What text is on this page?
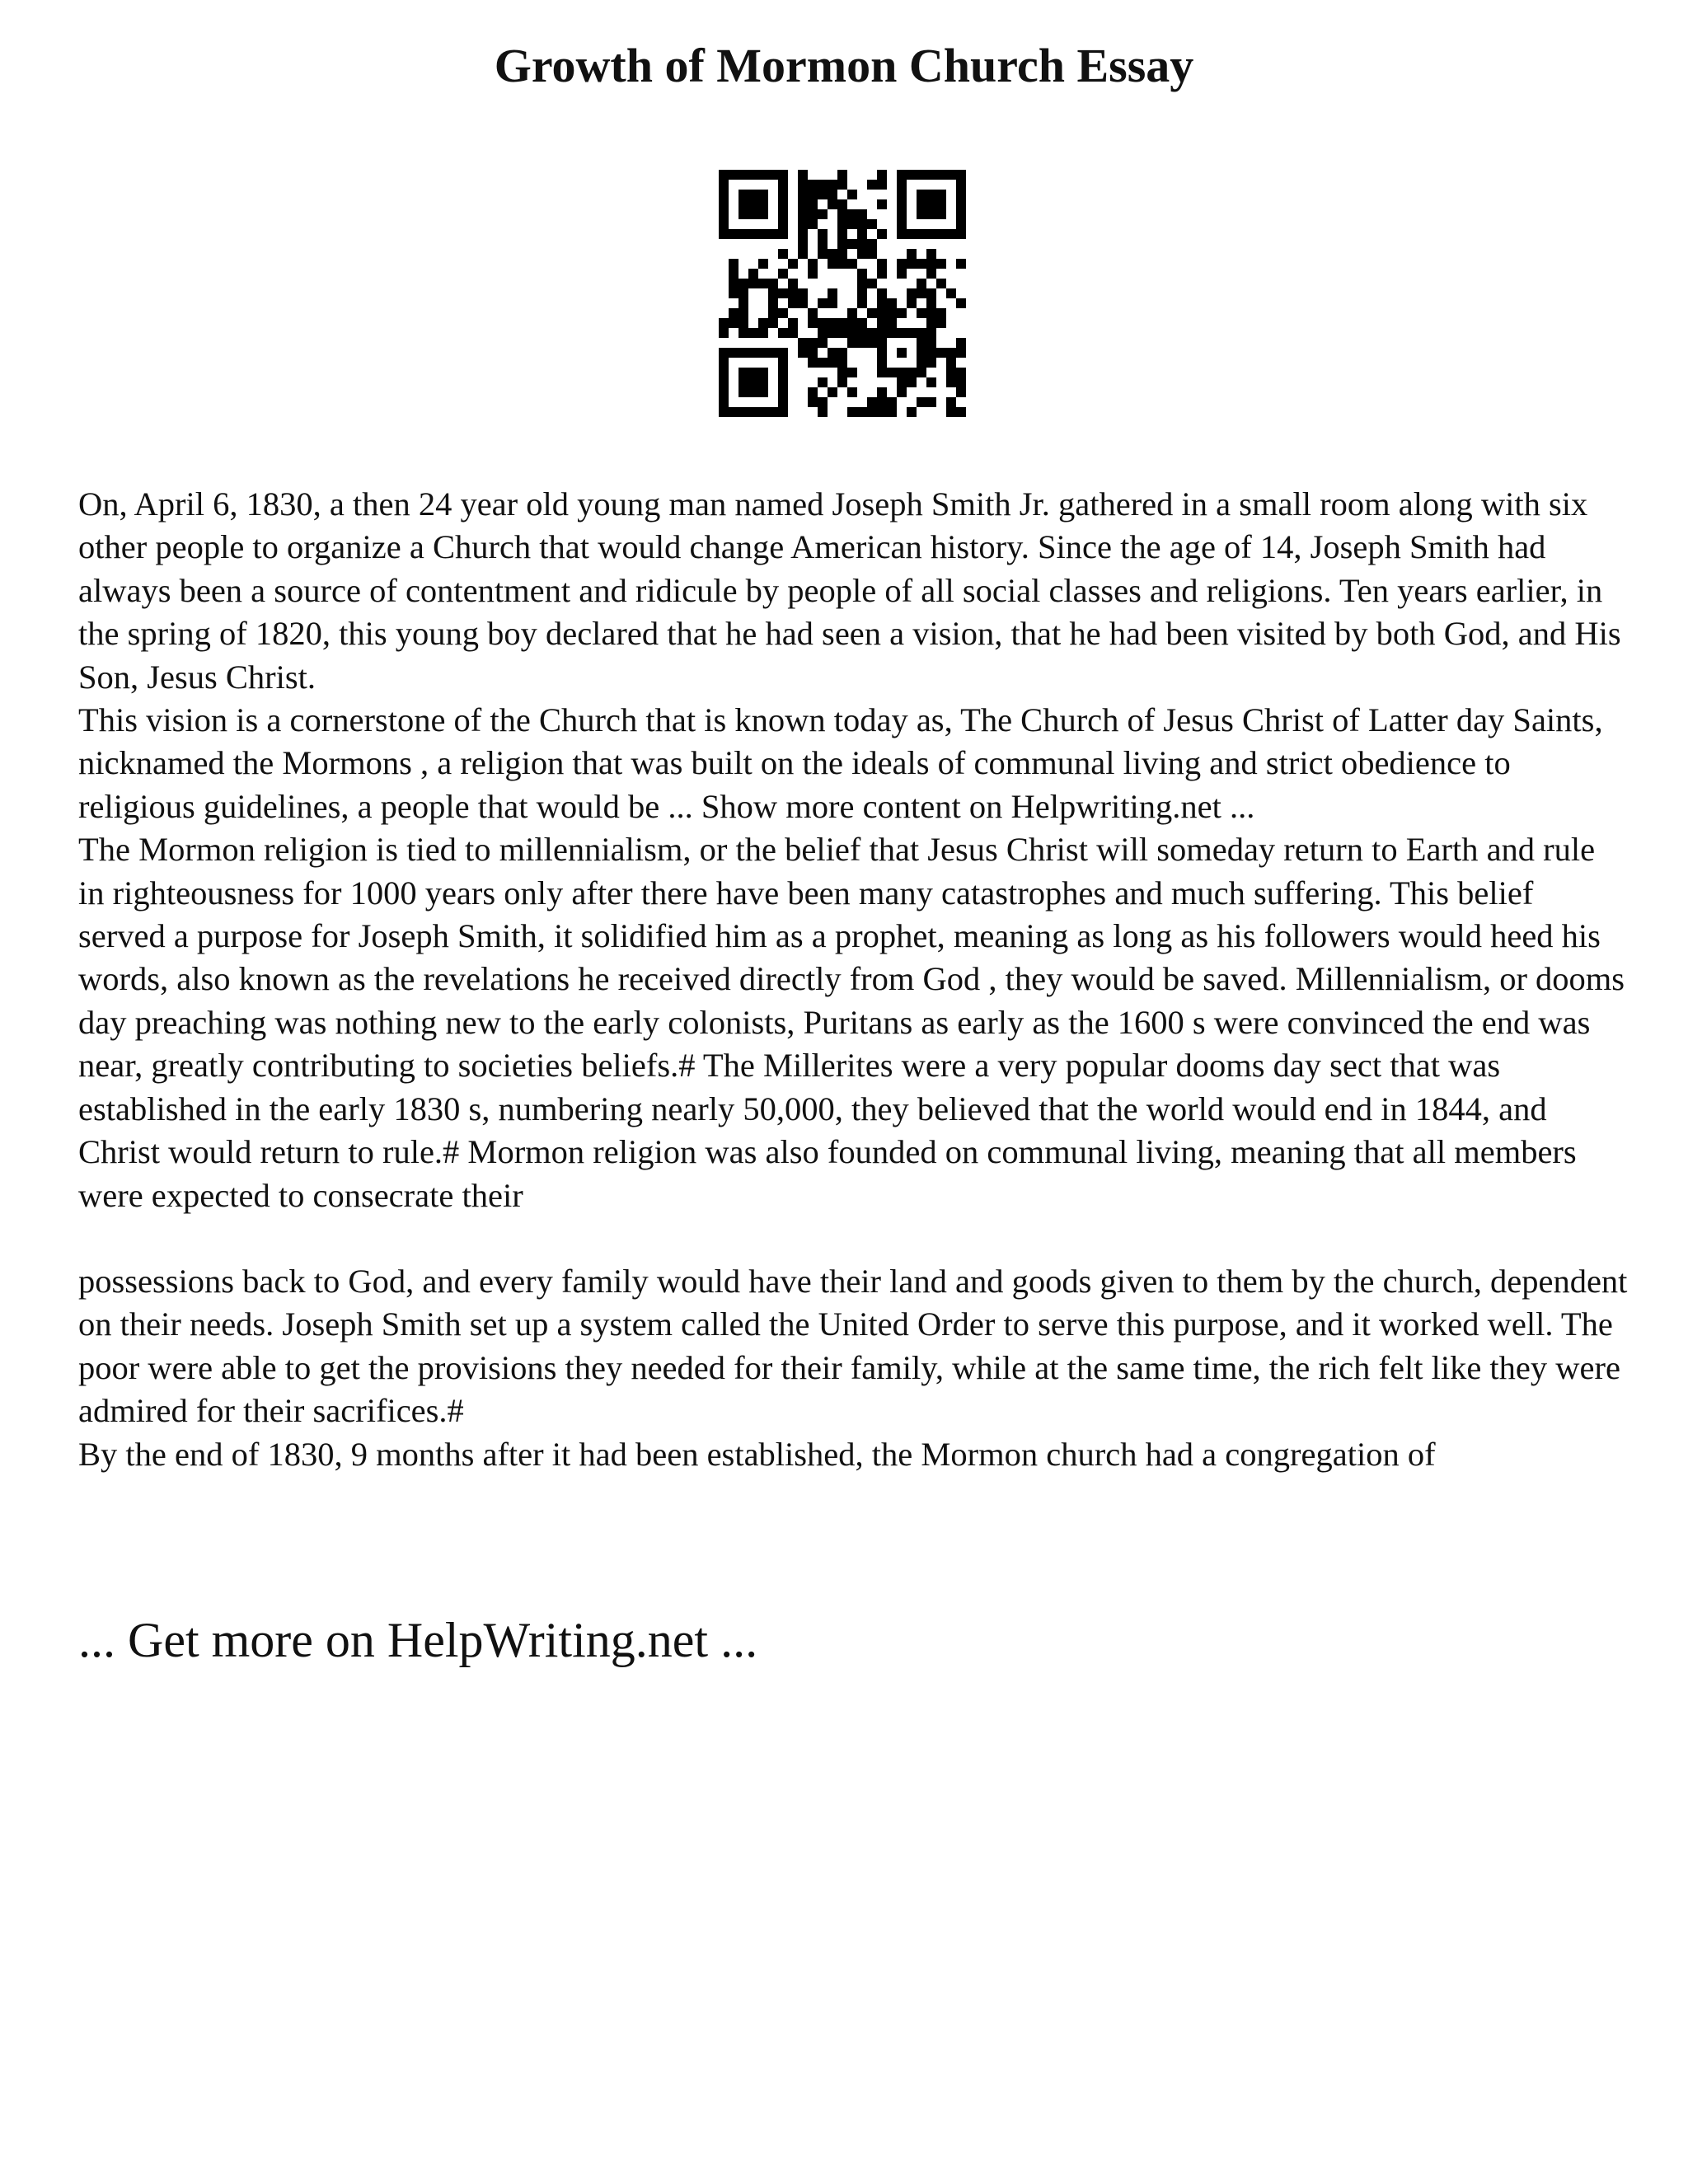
Growth of Mormon Church Essay

On, April 6, 1830, a then 24 year old young man named Joseph Smith Jr. gathered in a small room along with six other people to organize a Church that would change American history. Since the age of 14, Joseph Smith had always been a source of contentment and ridicule by people of all social classes and religions. Ten years earlier, in the spring of 1820, this young boy declared that he had seen a vision, that he had been visited by both God, and His Son, Jesus Christ.

This vision is a cornerstone of the Church that is known today as, The Church of Jesus Christ of Latter day Saints, nicknamed the Mormons , a religion that was built on the ideals of communal living and strict obedience to religious guidelines, a people that would be ... Show more content on Helpwriting.net ...

The Mormon religion is tied to millennialism, or the belief that Jesus Christ will someday return to Earth and rule in righteousness for 1000 years only after there have been many catastrophes and much suffering. This belief served a purpose for Joseph Smith, it solidified him as a prophet, meaning as long as his followers would heed his words, also known as the revelations he received directly from God , they would be saved. Millennialism, or dooms day preaching was nothing new to the early colonists, Puritans as early as the 1600 s were convinced the end was near, greatly contributing to societies beliefs.# The Millerites were a very popular dooms day sect that was established in the early 1830 s, numbering nearly 50,000, they believed that the world would end in 1844, and Christ would return to rule.# Mormon religion was also founded on communal living, meaning that all members were expected to consecrate their

possessions back to God, and every family would have their land and goods given to them by the church, dependent on their needs. Joseph Smith set up a system called the United Order to serve this purpose, and it worked well. The poor were able to get the provisions they needed for their family, while at the same time, the rich felt like they were admired for their sacrifices.#

By the end of 1830, 9 months after it had been established, the Mormon church had a congregation of

... Get more on HelpWriting.net ...
